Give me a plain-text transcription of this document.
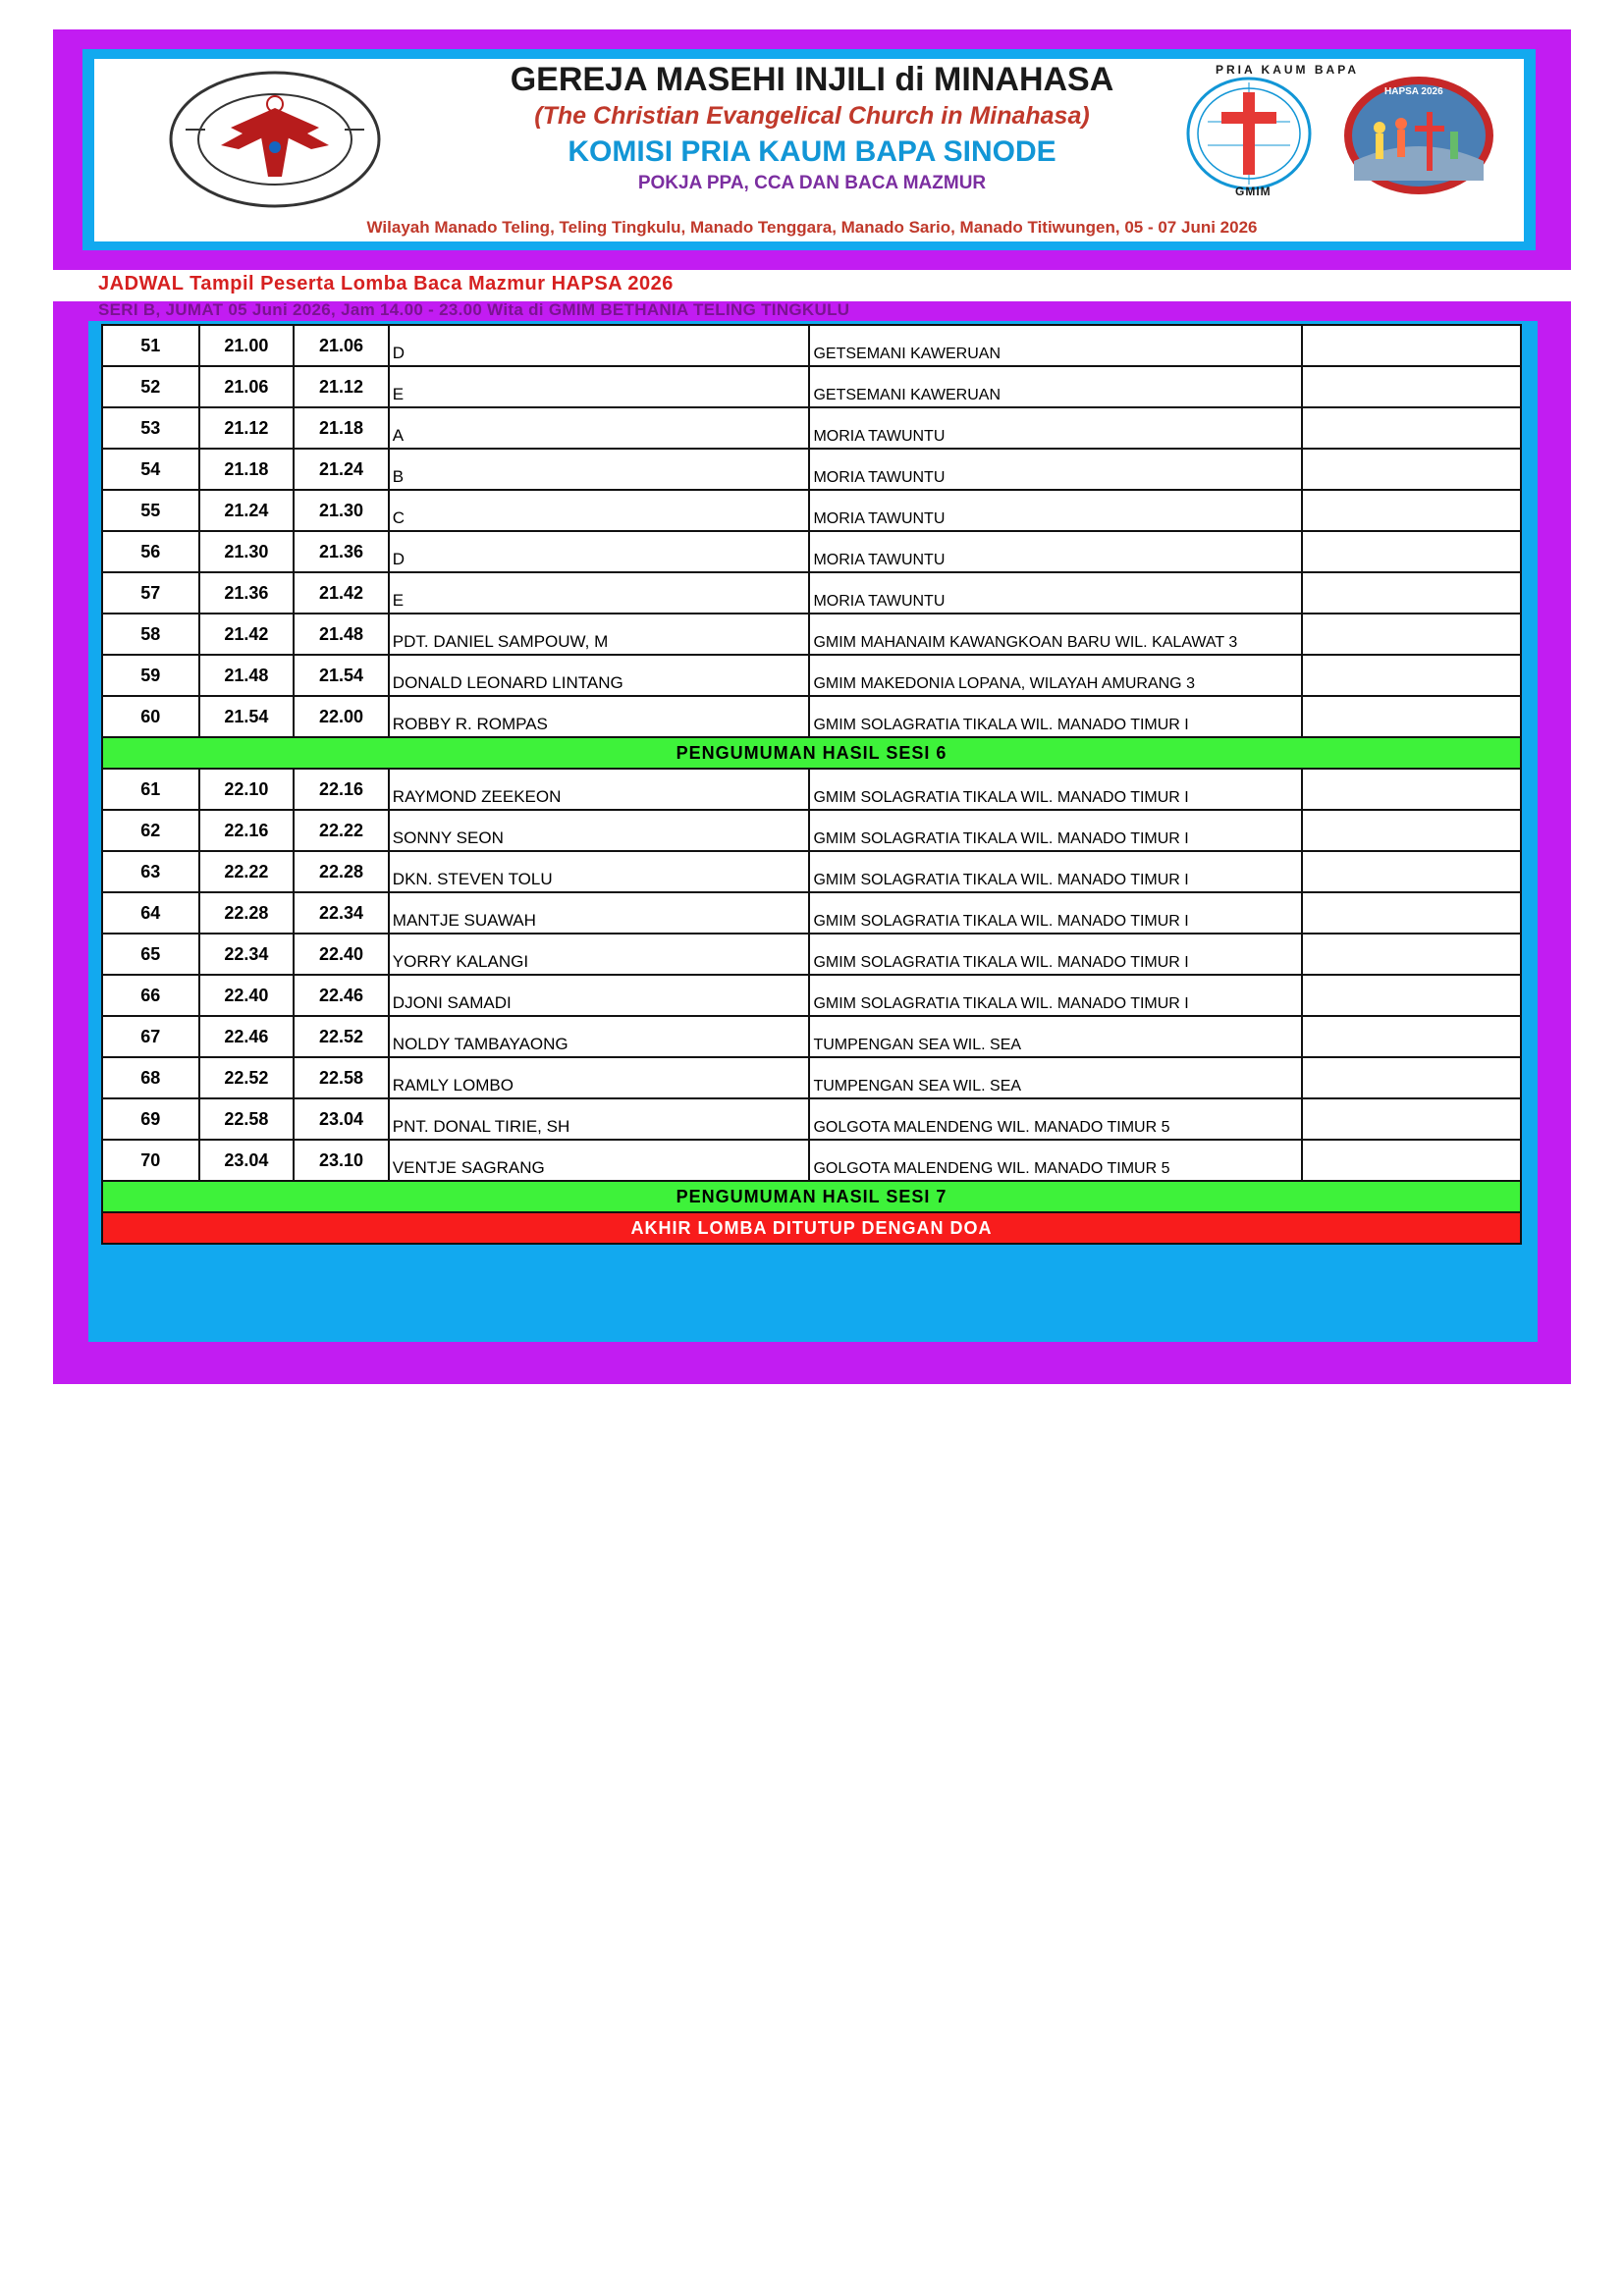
PRIA KAUM BAPA
GMIM
HAPSA 2026
GEREJA MASEHI INJILI di MINAHASA
(The Christian Evangelical Church in Minahasa)
KOMISI PRIA KAUM BAPA SINODE
POKJA PPA, CCA DAN BACA MAZMUR
Wilayah Manado Teling, Teling Tingkulu, Manado Tenggara, Manado Sario, Manado Titiwungen, 05 - 07 Juni 2026
JADWAL Tampil Peserta Lomba Baca Mazmur HAPSA 2026
SERI B, JUMAT 05 Juni 2026, Jam 14.00 - 23.00 Wita di GMIM BETHANIA TELING TINGKULU
51	21.00	21.06	D	GETSEMANI KAWERUAN	
52	21.06	21.12	E	GETSEMANI KAWERUAN	
53	21.12	21.18	A	MORIA TAWUNTU	
54	21.18	21.24	B	MORIA TAWUNTU	
55	21.24	21.30	C	MORIA TAWUNTU	
56	21.30	21.36	D	MORIA TAWUNTU	
57	21.36	21.42	E	MORIA TAWUNTU	
58	21.42	21.48	PDT. DANIEL SAMPOUW, M	GMIM MAHANAIM KAWANGKOAN BARU WIL. KALAWAT 3	
59	21.48	21.54	DONALD LEONARD LINTANG	GMIM MAKEDONIA LOPANA, WILAYAH AMURANG 3	
60	21.54	22.00	ROBBY R. ROMPAS	GMIM SOLAGRATIA TIKALA WIL. MANADO TIMUR I	
PENGUMUMAN HASIL SESI 6					
61	22.10	22.16	RAYMOND ZEEKEON	GMIM SOLAGRATIA TIKALA WIL. MANADO TIMUR I	
62	22.16	22.22	SONNY SEON	GMIM SOLAGRATIA TIKALA WIL. MANADO TIMUR I	
63	22.22	22.28	DKN. STEVEN TOLU	GMIM SOLAGRATIA TIKALA WIL. MANADO TIMUR I	
64	22.28	22.34	MANTJE SUAWAH	GMIM SOLAGRATIA TIKALA WIL. MANADO TIMUR I	
65	22.34	22.40	YORRY KALANGI	GMIM SOLAGRATIA TIKALA WIL. MANADO TIMUR I	
66	22.40	22.46	DJONI SAMADI	GMIM SOLAGRATIA TIKALA WIL. MANADO TIMUR I	
67	22.46	22.52	NOLDY TAMBAYAONG	TUMPENGAN SEA WIL. SEA	
68	22.52	22.58	RAMLY LOMBO	TUMPENGAN SEA WIL. SEA	
69	22.58	23.04	PNT. DONAL TIRIE, SH	GOLGOTA MALENDENG WIL. MANADO TIMUR 5	
70	23.04	23.10	VENTJE SAGRANG	GOLGOTA MALENDENG WIL. MANADO TIMUR 5	
PENGUMUMAN HASIL SESI 7					
AKHIR LOMBA DITUTUP DENGAN DOA					
